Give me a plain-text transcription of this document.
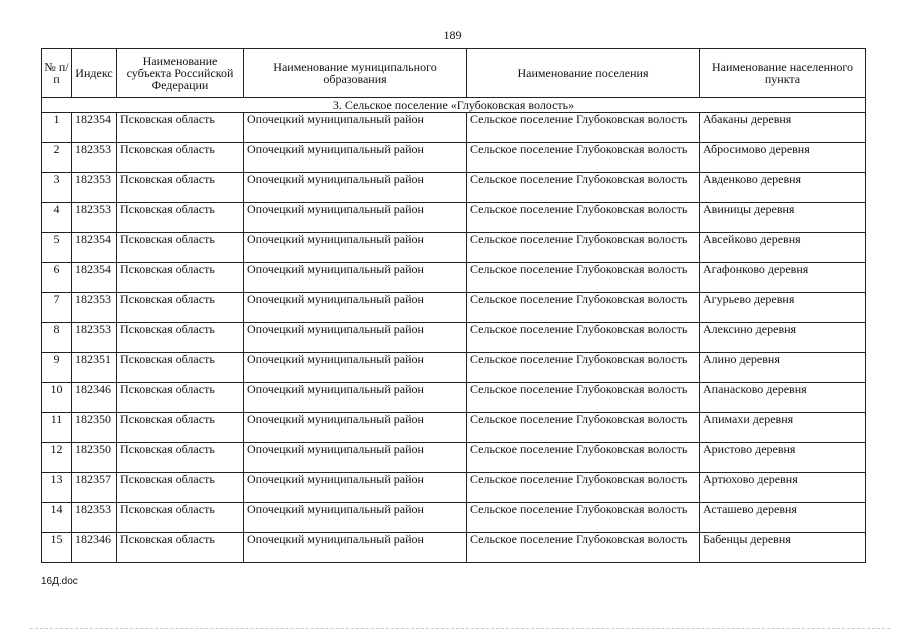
189
№ п/п	Индекс	Наименование субъекта Российской Федерации	Наименование муниципального образования	Наименование поселения	Наименование населенного пункта
3. Сельское поселение «Глубоковская волость»					
1	182354	Псковская область	Опочецкий муниципальный район	Сельское поселение Глубоковская волость	Абаканы деревня
2	182353	Псковская область	Опочецкий муниципальный район	Сельское поселение Глубоковская волость	Абросимово деревня
3	182353	Псковская область	Опочецкий муниципальный район	Сельское поселение Глубоковская волость	Авденково деревня
4	182353	Псковская область	Опочецкий муниципальный район	Сельское поселение Глубоковская волость	Авиницы деревня
5	182354	Псковская область	Опочецкий муниципальный район	Сельское поселение Глубоковская волость	Авсейково деревня
6	182354	Псковская область	Опочецкий муниципальный район	Сельское поселение Глубоковская волость	Агафонково деревня
7	182353	Псковская область	Опочецкий муниципальный район	Сельское поселение Глубоковская волость	Агурьево деревня
8	182353	Псковская область	Опочецкий муниципальный район	Сельское поселение Глубоковская волость	Алексино деревня
9	182351	Псковская область	Опочецкий муниципальный район	Сельское поселение Глубоковская волость	Алино деревня
10	182346	Псковская область	Опочецкий муниципальный район	Сельское поселение Глубоковская волость	Апанасково деревня
11	182350	Псковская область	Опочецкий муниципальный район	Сельское поселение Глубоковская волость	Апимахи деревня
12	182350	Псковская область	Опочецкий муниципальный район	Сельское поселение Глубоковская волость	Аристово деревня
13	182357	Псковская область	Опочецкий муниципальный район	Сельское поселение Глубоковская волость	Артюхово деревня
14	182353	Псковская область	Опочецкий муниципальный район	Сельское поселение Глубоковская волость	Асташево деревня
15	182346	Псковская область	Опочецкий муниципальный район	Сельское поселение Глубоковская волость	Бабенцы деревня
16Д.doc
